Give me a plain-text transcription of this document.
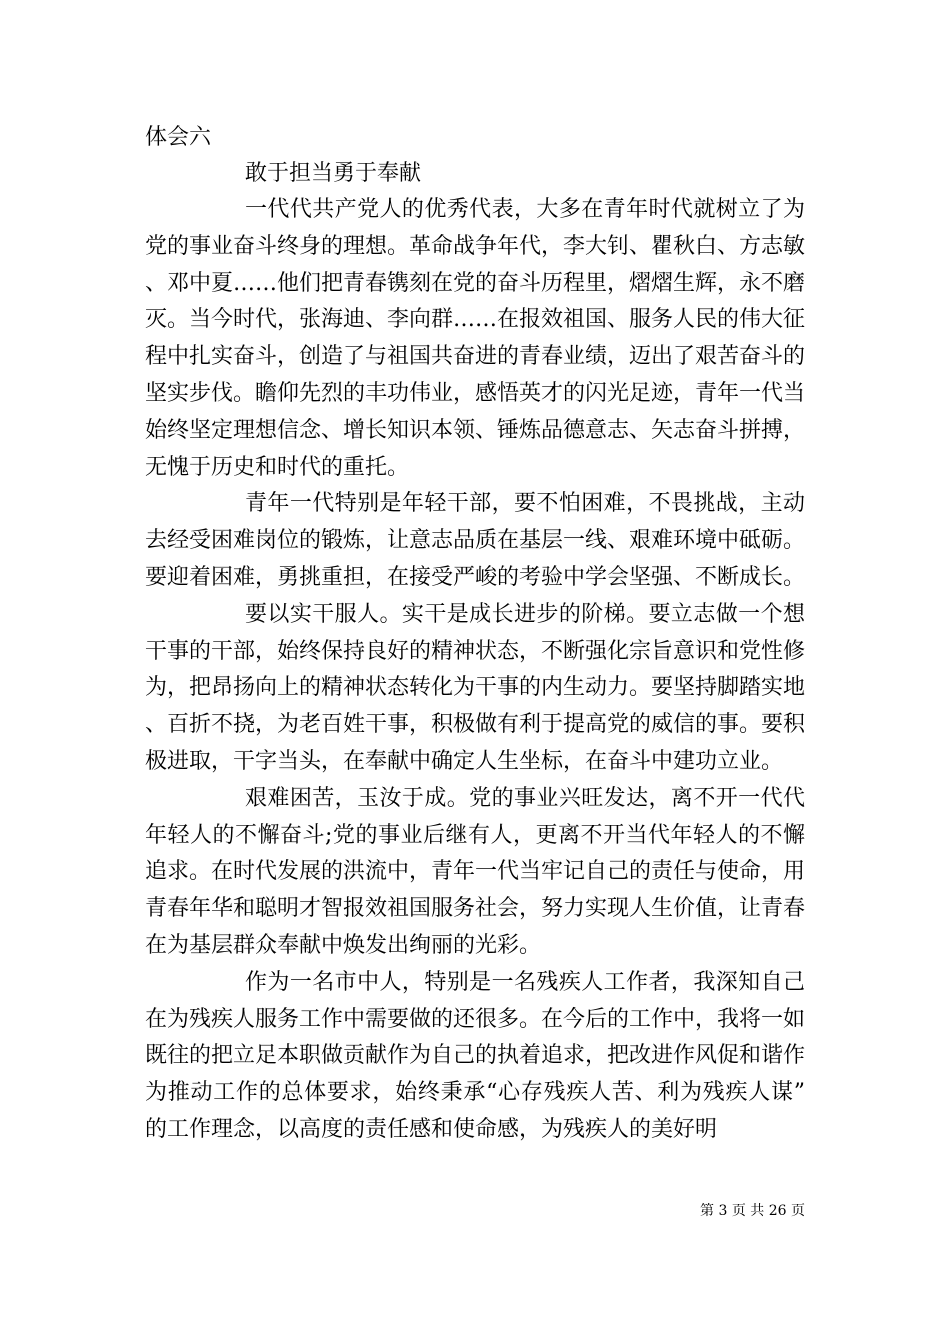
体会六

敢于担当勇于奉献

一代代共产党人的优秀代表，大多在青年时代就树立了为党的事业奋斗终身的理想。革命战争年代，李大钊、瞿秋白、方志敏、邓中夏……他们把青春镌刻在党的奋斗历程里，熠熠生辉，永不磨灭。当今时代，张海迪、李向群……在报效祖国、服务人民的伟大征程中扎实奋斗，创造了与祖国共奋进的青春业绩，迈出了艰苦奋斗的坚实步伐。瞻仰先烈的丰功伟业，感悟英才的闪光足迹，青年一代当始终坚定理想信念、增长知识本领、锤炼品德意志、矢志奋斗拼搏，无愧于历史和时代的重托。

青年一代特别是年轻干部，要不怕困难，不畏挑战，主动去经受困难岗位的锻炼，让意志品质在基层一线、艰难环境中砥砺。要迎着困难，勇挑重担，在接受严峻的考验中学会坚强、不断成长。

要以实干服人。实干是成长进步的阶梯。要立志做一个想干事的干部，始终保持良好的精神状态，不断强化宗旨意识和党性修为，把昂扬向上的精神状态转化为干事的内生动力。要坚持脚踏实地、百折不挠，为老百姓干事，积极做有利于提高党的威信的事。要积极进取，干字当头，在奉献中确定人生坐标，在奋斗中建功立业。

艰难困苦，玉汝于成。党的事业兴旺发达，离不开一代代年轻人的不懈奋斗;党的事业后继有人，更离不开当代年轻人的不懈追求。在时代发展的洪流中，青年一代当牢记自己的责任与使命，用青春年华和聪明才智报效祖国服务社会，努力实现人生价值，让青春在为基层群众奉献中焕发出绚丽的光彩。

作为一名市中人，特别是一名残疾人工作者，我深知自己在为残疾人服务工作中需要做的还很多。在今后的工作中，我将一如既往的把立足本职做贡献作为自己的执着追求，把改进作风促和谐作为推动工作的总体要求，始终秉承“心存残疾人苦、利为残疾人谋”的工作理念，以高度的责任感和使命感，为残疾人的美好明

第 3 页 共 26 页
